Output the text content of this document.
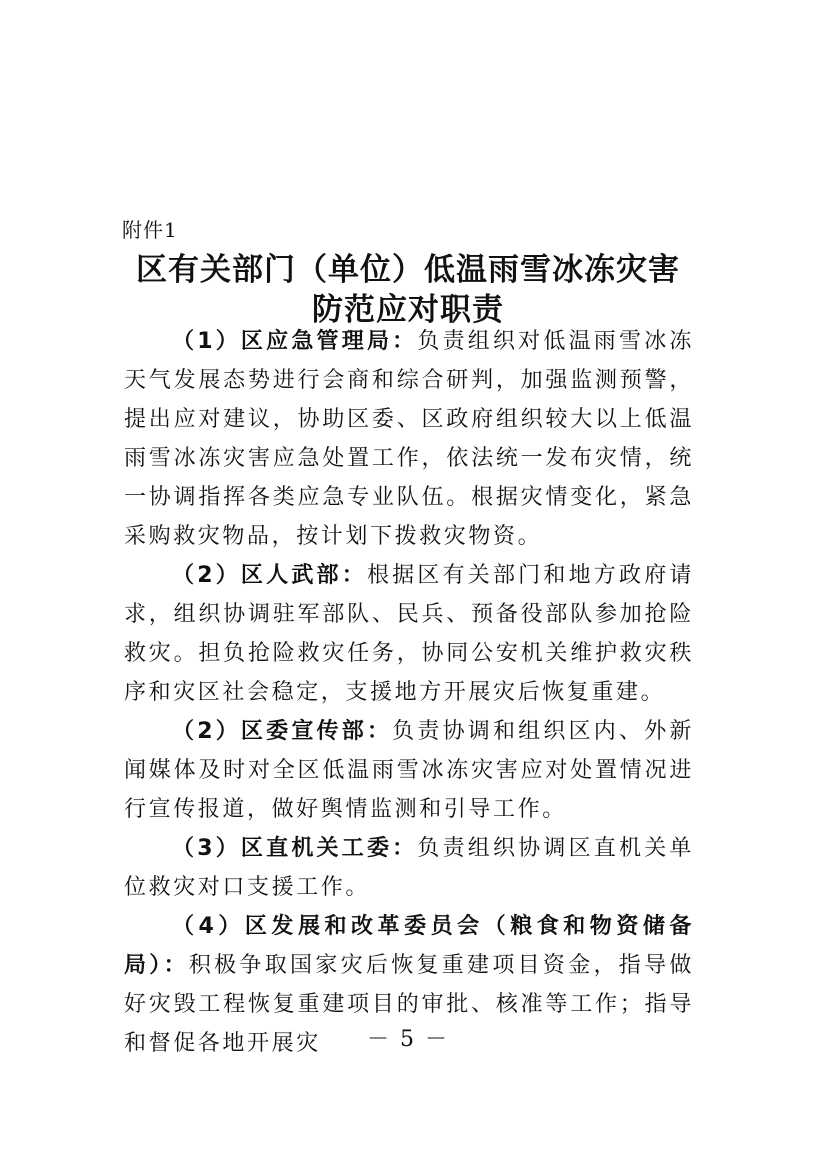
附件1
区有关部门（单位）低温雨雪冰冻灾害
防范应对职责

（1）区应急管理局：负责组织对低温雨雪冰冻天气发展态势进行会商和综合研判，加强监测预警，提出应对建议，协助区委、区政府组织较大以上低温雨雪冰冻灾害应急处置工作，依法统一发布灾情，统一协调指挥各类应急专业队伍。根据灾情变化，紧急采购救灾物品，按计划下拨救灾物资。

（2）区人武部：根据区有关部门和地方政府请求，组织协调驻军部队、民兵、预备役部队参加抢险救灾。担负抢险救灾任务，协同公安机关维护救灾秩序和灾区社会稳定，支援地方开展灾后恢复重建。

（2）区委宣传部：负责协调和组织区内、外新闻媒体及时对全区低温雨雪冰冻灾害应对处置情况进行宣传报道，做好舆情监测和引导工作。

（3）区直机关工委：负责组织协调区直机关单位救灾对口支援工作。

（4）区发展和改革委员会（粮食和物资储备局）：积极争取国家灾后恢复重建项目资金，指导做好灾毁工程恢复重建项目的审批、核准等工作；指导和督促各地开展灾	－ 5 －
